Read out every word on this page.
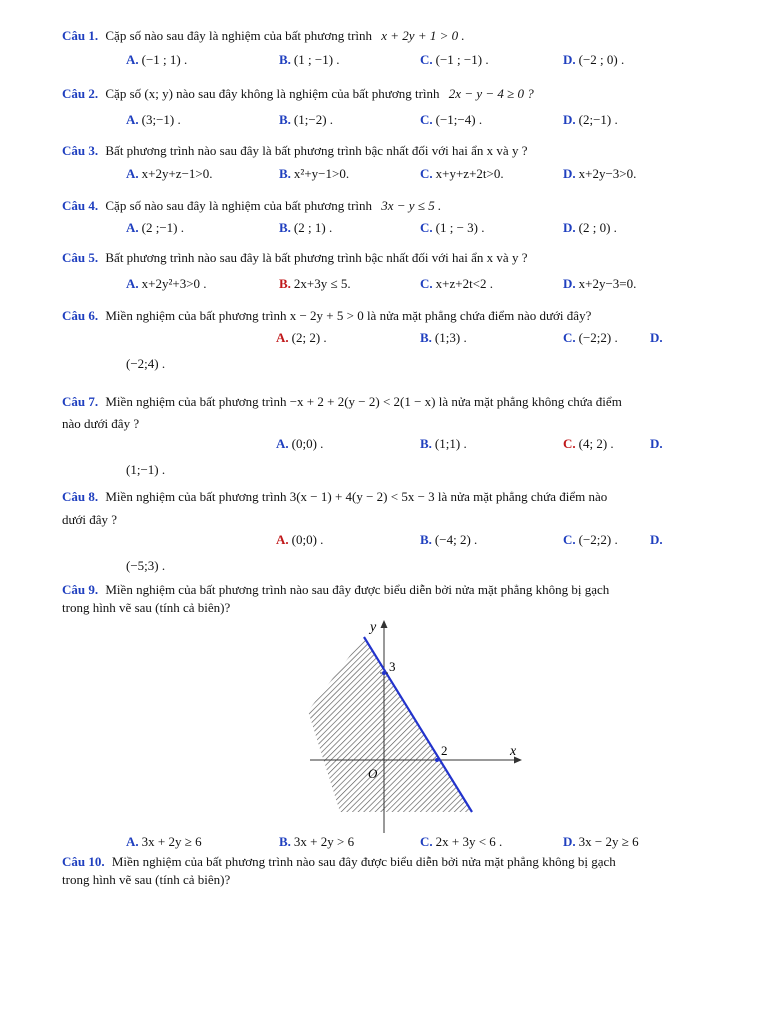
Câu 1. Cặp số nào sau đây là nghiệm của bất phương trình x + 2y + 1 > 0 .
A. (−1 ; 1) .	B. (1 ; −1) .	C. (−1 ; −1) .	D. (−2 ; 0) .
Câu 2. Cặp số (x; y) nào sau đây không là nghiệm của bất phương trình 2x − y − 4 ≥ 0 ?
A. (3;−1) .	B. (1;−2) .	C. (−1;−4) .	D. (2;−1) .
Câu 3. Bất phương trình nào sau đây là bất phương trình bậc nhất đối với hai ẩn x và y ?
A. x+2y+z−1>0.	B. x²+y−1>0.	C. x+y+z+2t>0.	D. x+2y−3>0.
Câu 4. Cặp số nào sau đây là nghiệm của bất phương trình 3x − y ≤ 5 .
A. (2 ;−1) .	B. (2 ; 1) .	C. (1 ; − 3) .	D. (2 ; 0) .
Câu 5. Bất phương trình nào sau đây là bất phương trình bậc nhất đối với hai ẩn x và y ?
A. x+2y²+3>0 .	B. 2x+3y ≤ 5.	C. x+z+2t<2 .	D. x+2y−3=0.
Câu 6. Miền nghiệm của bất phương trình x − 2y + 5 > 0 là nửa mặt phẳng chứa điểm nào dưới đây?
A. (2; 2) .	B. (1;3) .	C. (−2;2) . D.
(−2;4) .
Câu 7. Miền nghiệm của bất phương trình −x + 2 + 2(y − 2) < 2(1 − x) là nửa mặt phẳng không chứa điểm
nào dưới đây ?
A. (0;0) .	B. (1;1) .	C. (4; 2) .	D.
(1;−1) .
Câu 8. Miền nghiệm của bất phương trình 3(x − 1) + 4(y − 2) < 5x − 3 là nửa mặt phẳng chứa điểm nào
dưới đây ?
A. (0;0) .	B. (−4; 2) .	C. (−2;2) . D.
(−5;3) .
Câu 9. Miền nghiệm của bất phương trình nào sau đây được biểu diễn bởi nửa mặt phẳng không bị gạch
trong hình vẽ sau (tính cả biên)?
y
x
O
3
2
A. 3x + 2y ≥ 6	B. 3x + 2y > 6	C. 2x + 3y < 6 .	D. 3x − 2y ≥ 6
Câu 10. Miền nghiệm của bất phương trình nào sau đây được biểu diễn bởi nửa mặt phẳng không bị gạch
trong hình vẽ sau (tính cả biên)?
